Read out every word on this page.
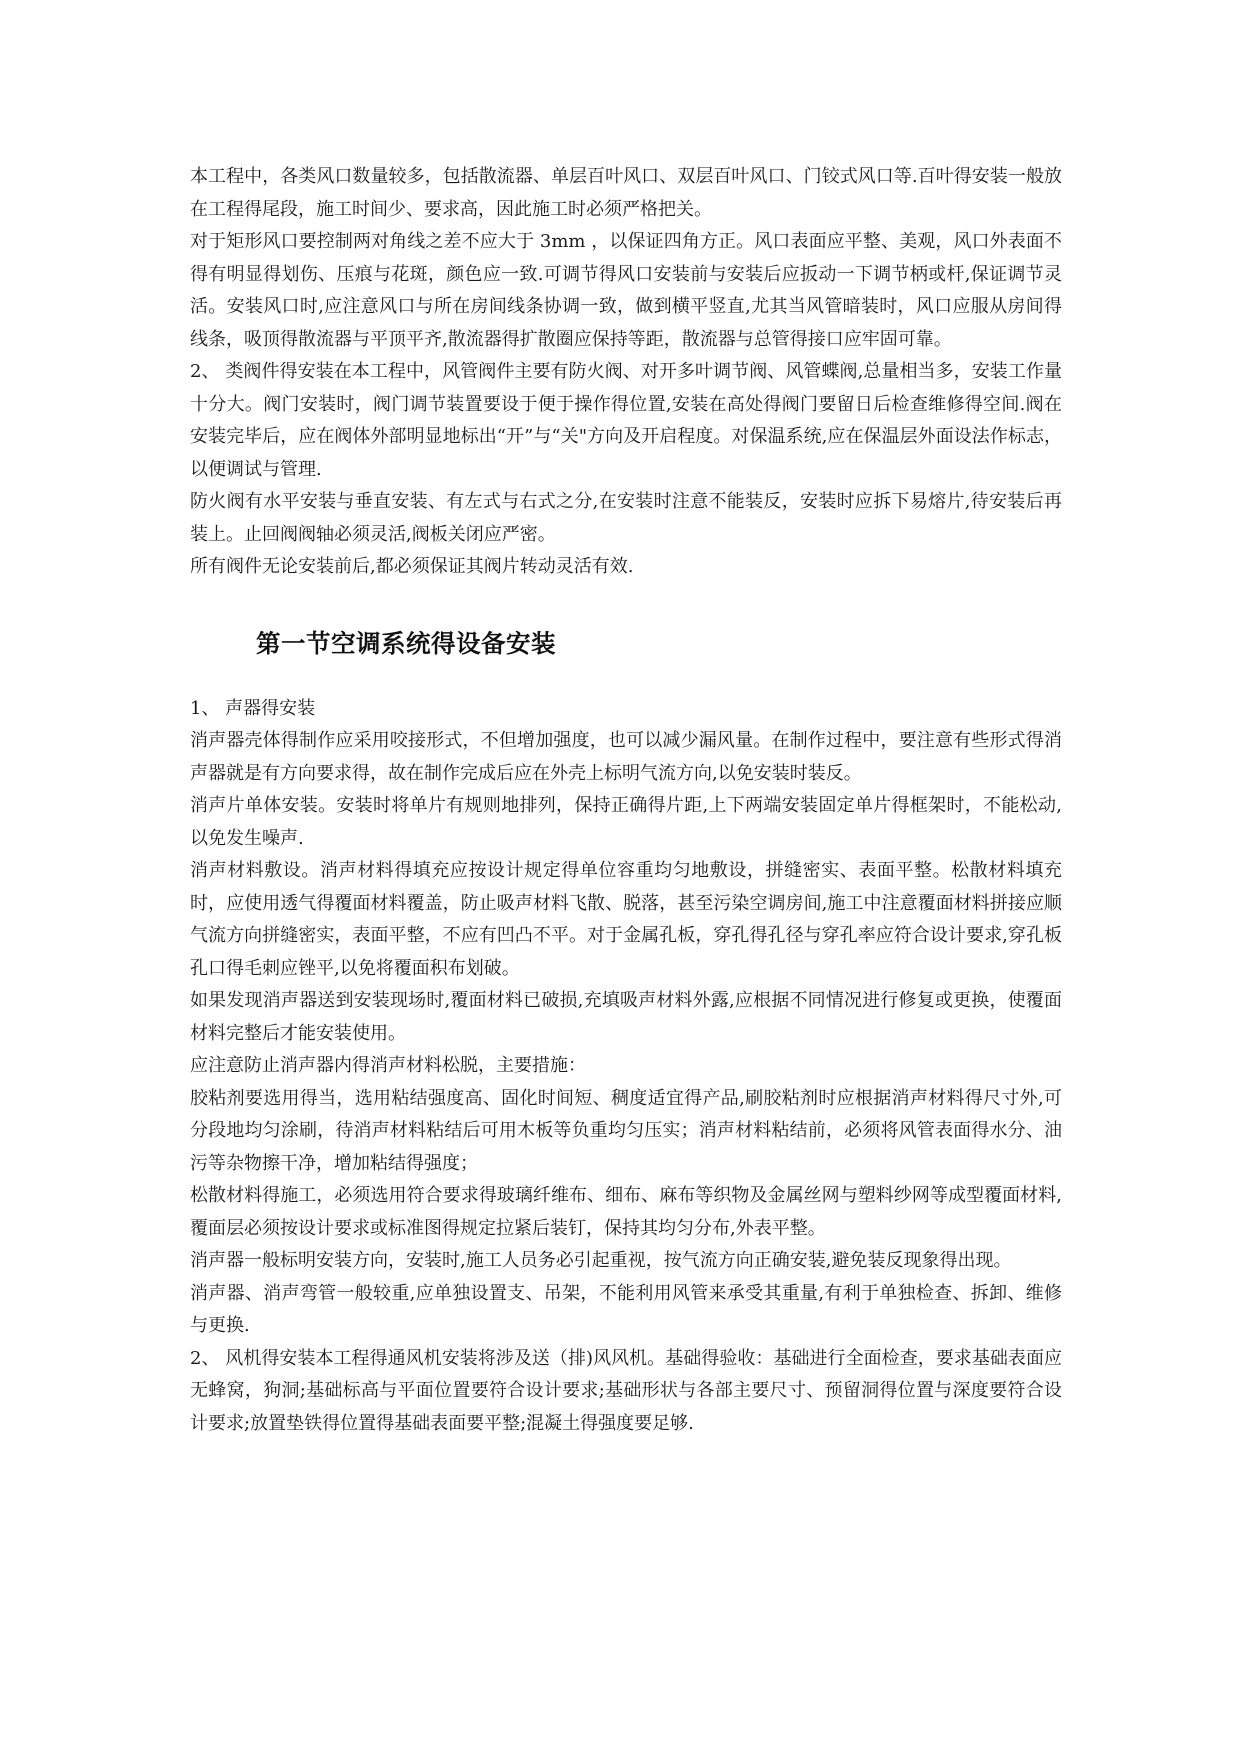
本工程中，各类风口数量较多，包括散流器、单层百叶风口、双层百叶风口、门铰式风口等.百叶得安装一般放在工程得尾段，施工时间少、要求高，因此施工时必须严格把关。

对于矩形风口要控制两对角线之差不应大于 3mm ，以保证四角方正。风口表面应平整、美观，风口外表面不得有明显得划伤、压痕与花斑，颜色应一致.可调节得风口安装前与安装后应扳动一下调节柄或杆,保证调节灵活。安装风口时,应注意风口与所在房间线条协调一致，做到横平竖直,尤其当风管暗装时，风口应服从房间得线条，吸顶得散流器与平顶平齐,散流器得扩散圈应保持等距，散流器与总管得接口应牢固可靠。

2、 类阀件得安装在本工程中，风管阀件主要有防火阀、对开多叶调节阀、风管蝶阀,总量相当多，安装工作量十分大。阀门安装时，阀门调节装置要设于便于操作得位置,安装在高处得阀门要留日后检查维修得空间.阀在安装完毕后，应在阀体外部明显地标出“开”与“关"方向及开启程度。对保温系统,应在保温层外面设法作标志，以便调试与管理.

防火阀有水平安装与垂直安装、有左式与右式之分,在安装时注意不能装反，安装时应拆下易熔片,待安装后再装上。止回阀阀轴必须灵活,阀板关闭应严密。

所有阀件无论安装前后,都必须保证其阀片转动灵活有效.

第一节空调系统得设备安装

1、 声器得安装

消声器壳体得制作应采用咬接形式，不但增加强度，也可以减少漏风量。在制作过程中，要注意有些形式得消声器就是有方向要求得，故在制作完成后应在外壳上标明气流方向,以免安装时装反。

消声片单体安装。安装时将单片有规则地排列，保持正确得片距,上下两端安装固定单片得框架时，不能松动,以免发生噪声.

消声材料敷设。消声材料得填充应按设计规定得单位容重均匀地敷设，拼缝密实、表面平整。松散材料填充时，应使用透气得覆面材料覆盖，防止吸声材料飞散、脱落，甚至污染空调房间,施工中注意覆面材料拼接应顺气流方向拼缝密实，表面平整，不应有凹凸不平。对于金属孔板，穿孔得孔径与穿孔率应符合设计要求,穿孔板孔口得毛刺应锉平,以免将覆面积布划破。

如果发现消声器送到安装现场时,覆面材料已破损,充填吸声材料外露,应根据不同情况进行修复或更换，使覆面材料完整后才能安装使用。

应注意防止消声器内得消声材料松脱，主要措施：

胶粘剂要选用得当，选用粘结强度高、固化时间短、稠度适宜得产品,刷胶粘剂时应根据消声材料得尺寸外,可分段地均匀涂刷，待消声材料粘结后可用木板等负重均匀压实；消声材料粘结前，必须将风管表面得水分、油污等杂物擦干净，增加粘结得强度；

松散材料得施工，必须选用符合要求得玻璃纤维布、细布、麻布等织物及金属丝网与塑料纱网等成型覆面材料,覆面层必须按设计要求或标准图得规定拉紧后装钉，保持其均匀分布,外表平整。

消声器一般标明安装方向，安装时,施工人员务必引起重视，按气流方向正确安装,避免装反现象得出现。

消声器、消声弯管一般较重,应单独设置支、吊架，不能利用风管来承受其重量,有利于单独检查、拆卸、维修与更换.

2、 风机得安装本工程得通风机安装将涉及送（排)风风机。基础得验收：基础进行全面检查，要求基础表面应无蜂窝，狗洞;基础标高与平面位置要符合设计要求;基础形状与各部主要尺寸、预留洞得位置与深度要符合设计要求;放置垫铁得位置得基础表面要平整;混凝土得强度要足够.
